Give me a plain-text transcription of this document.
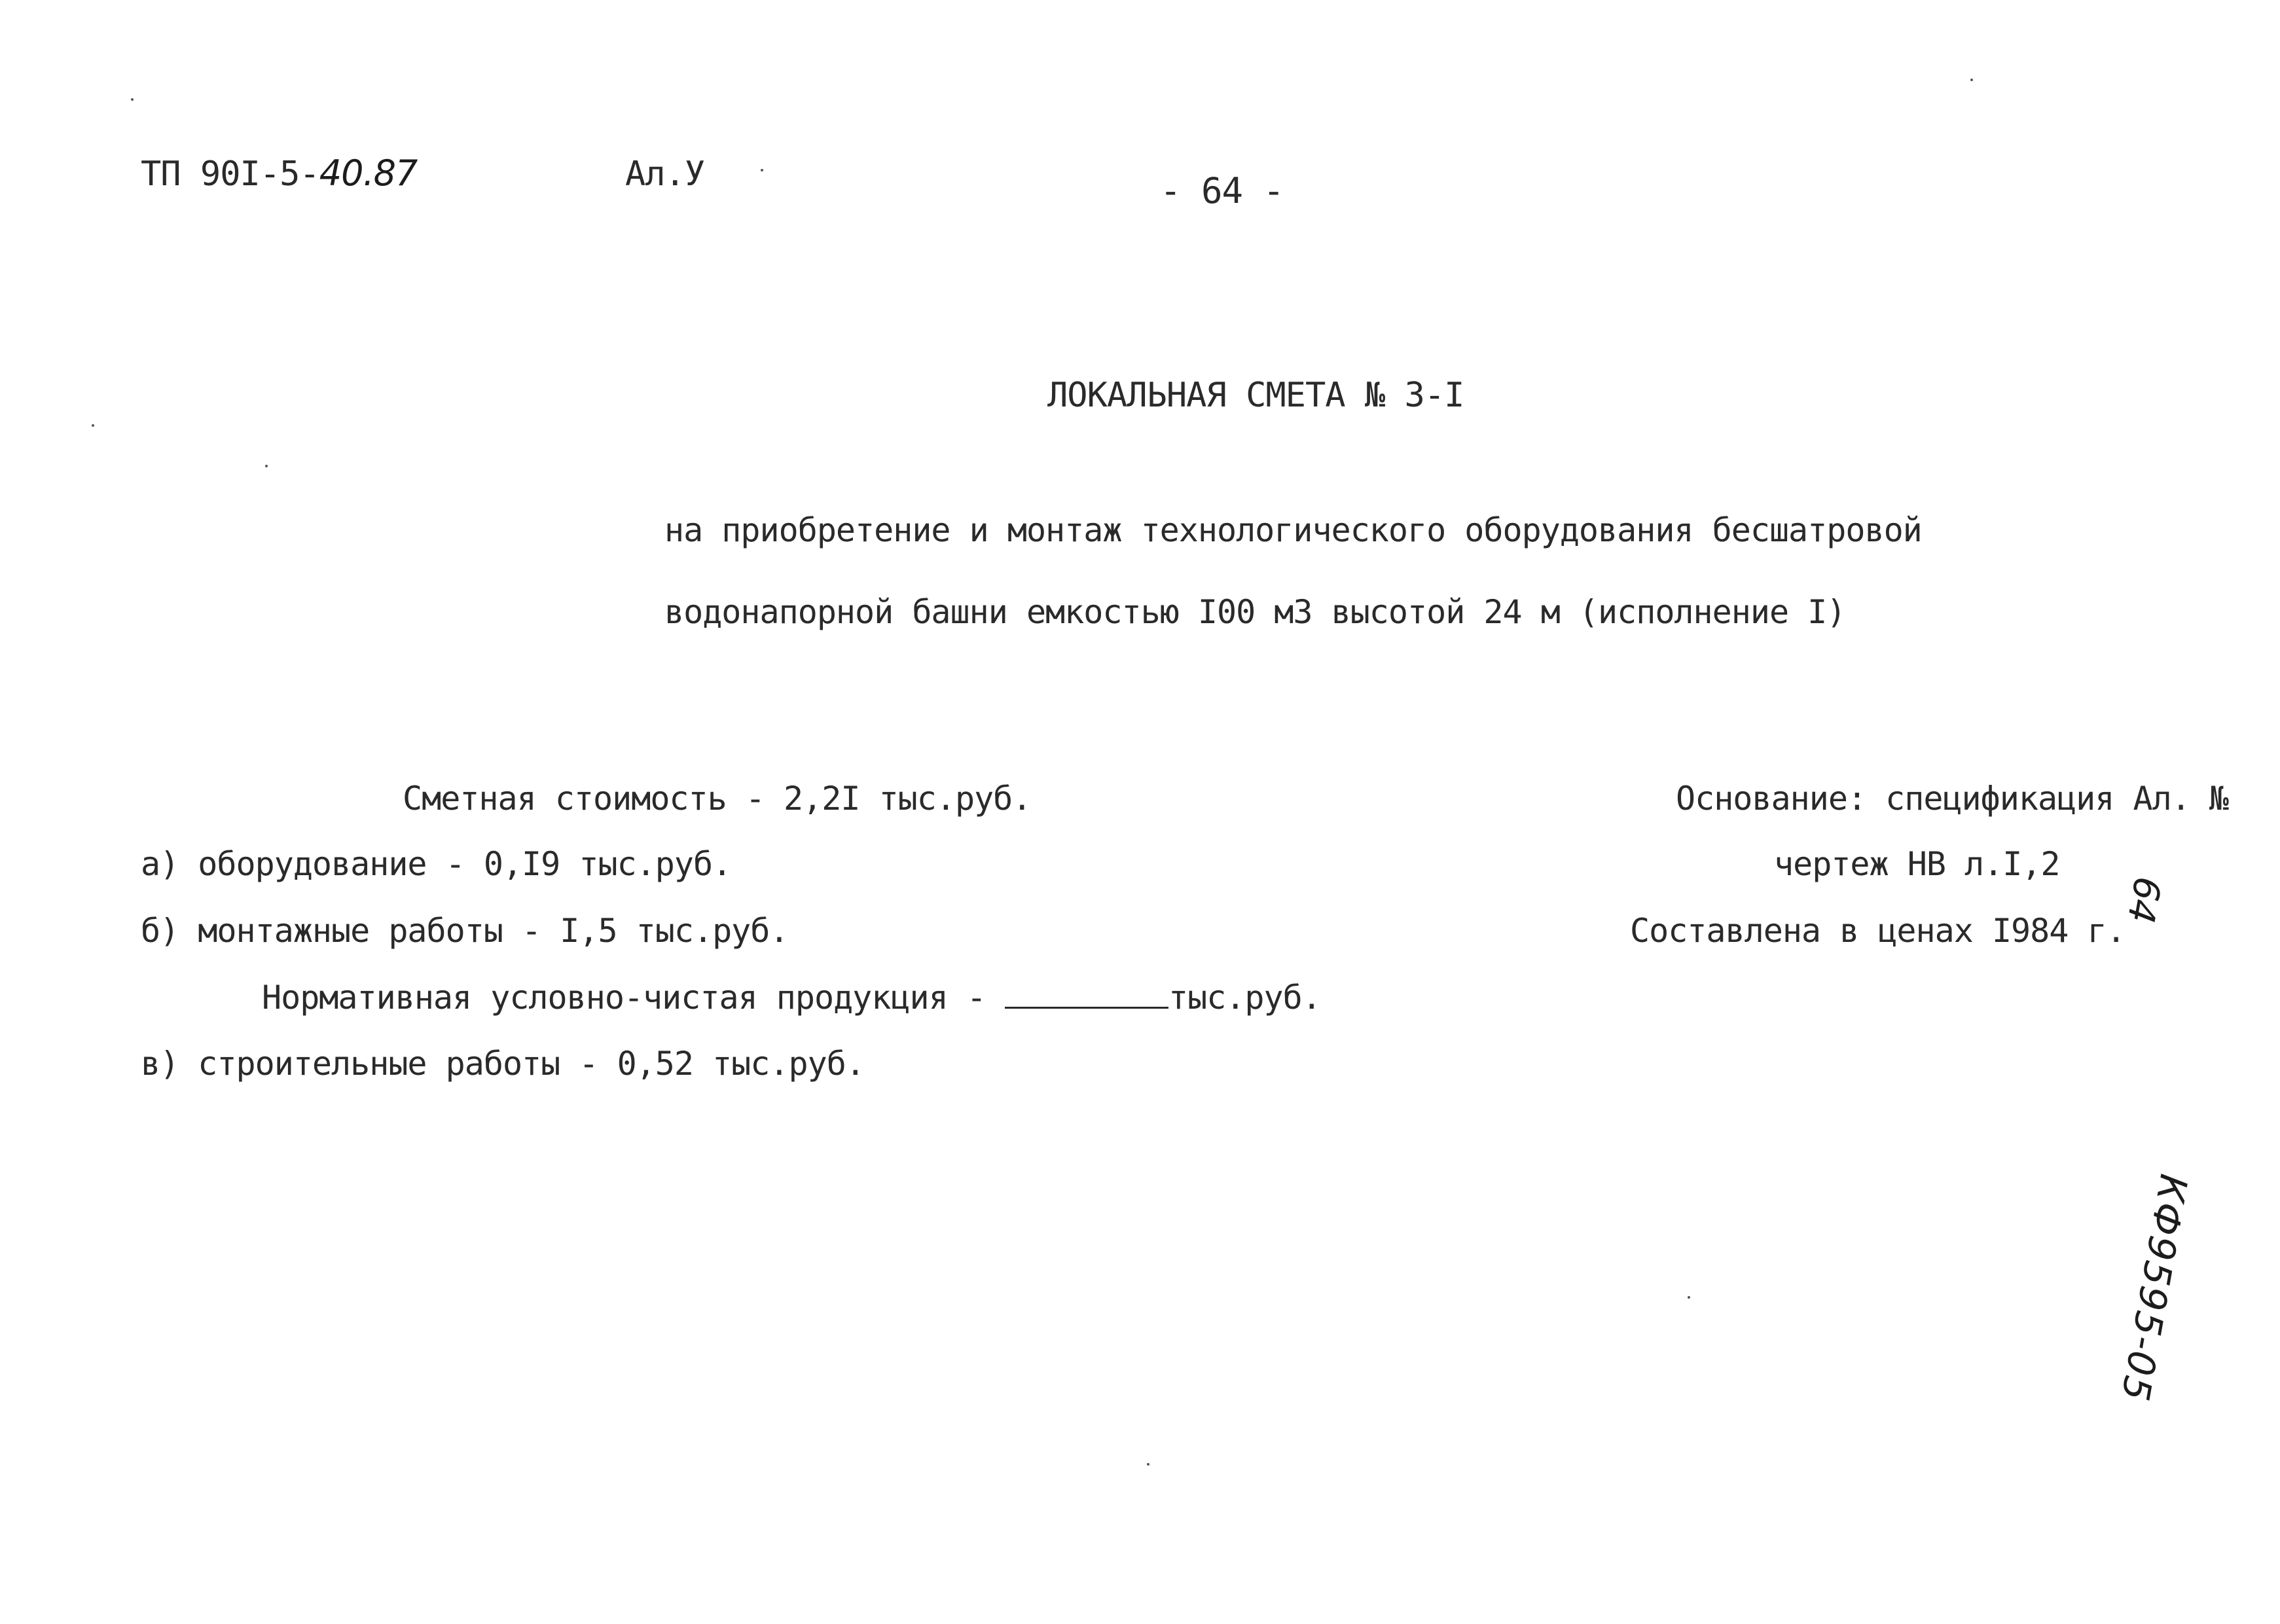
ТП 90I-5-40.87	Ал.У	- 64 -
ЛОКАЛЬНАЯ СМЕТА № 3-I
на приобретение и монтаж технологического оборудования бесшатровой
водонапорной башни емкостью I00 м3 высотой 24 м (исполнение I)
Сметная стоимость - 2,2I тыс.руб.
а) оборудование - 0,I9 тыс.руб.
б) монтажные работы - I,5 тыс.руб.
Нормативная условно-чистая продукция -	тыс.руб.
в) строительные работы - 0,52 тыс.руб.
Основание: спецификация Ал. №
чертеж НВ л.I,2
Составлена в ценах I984 г.
64
КФ9595-05
